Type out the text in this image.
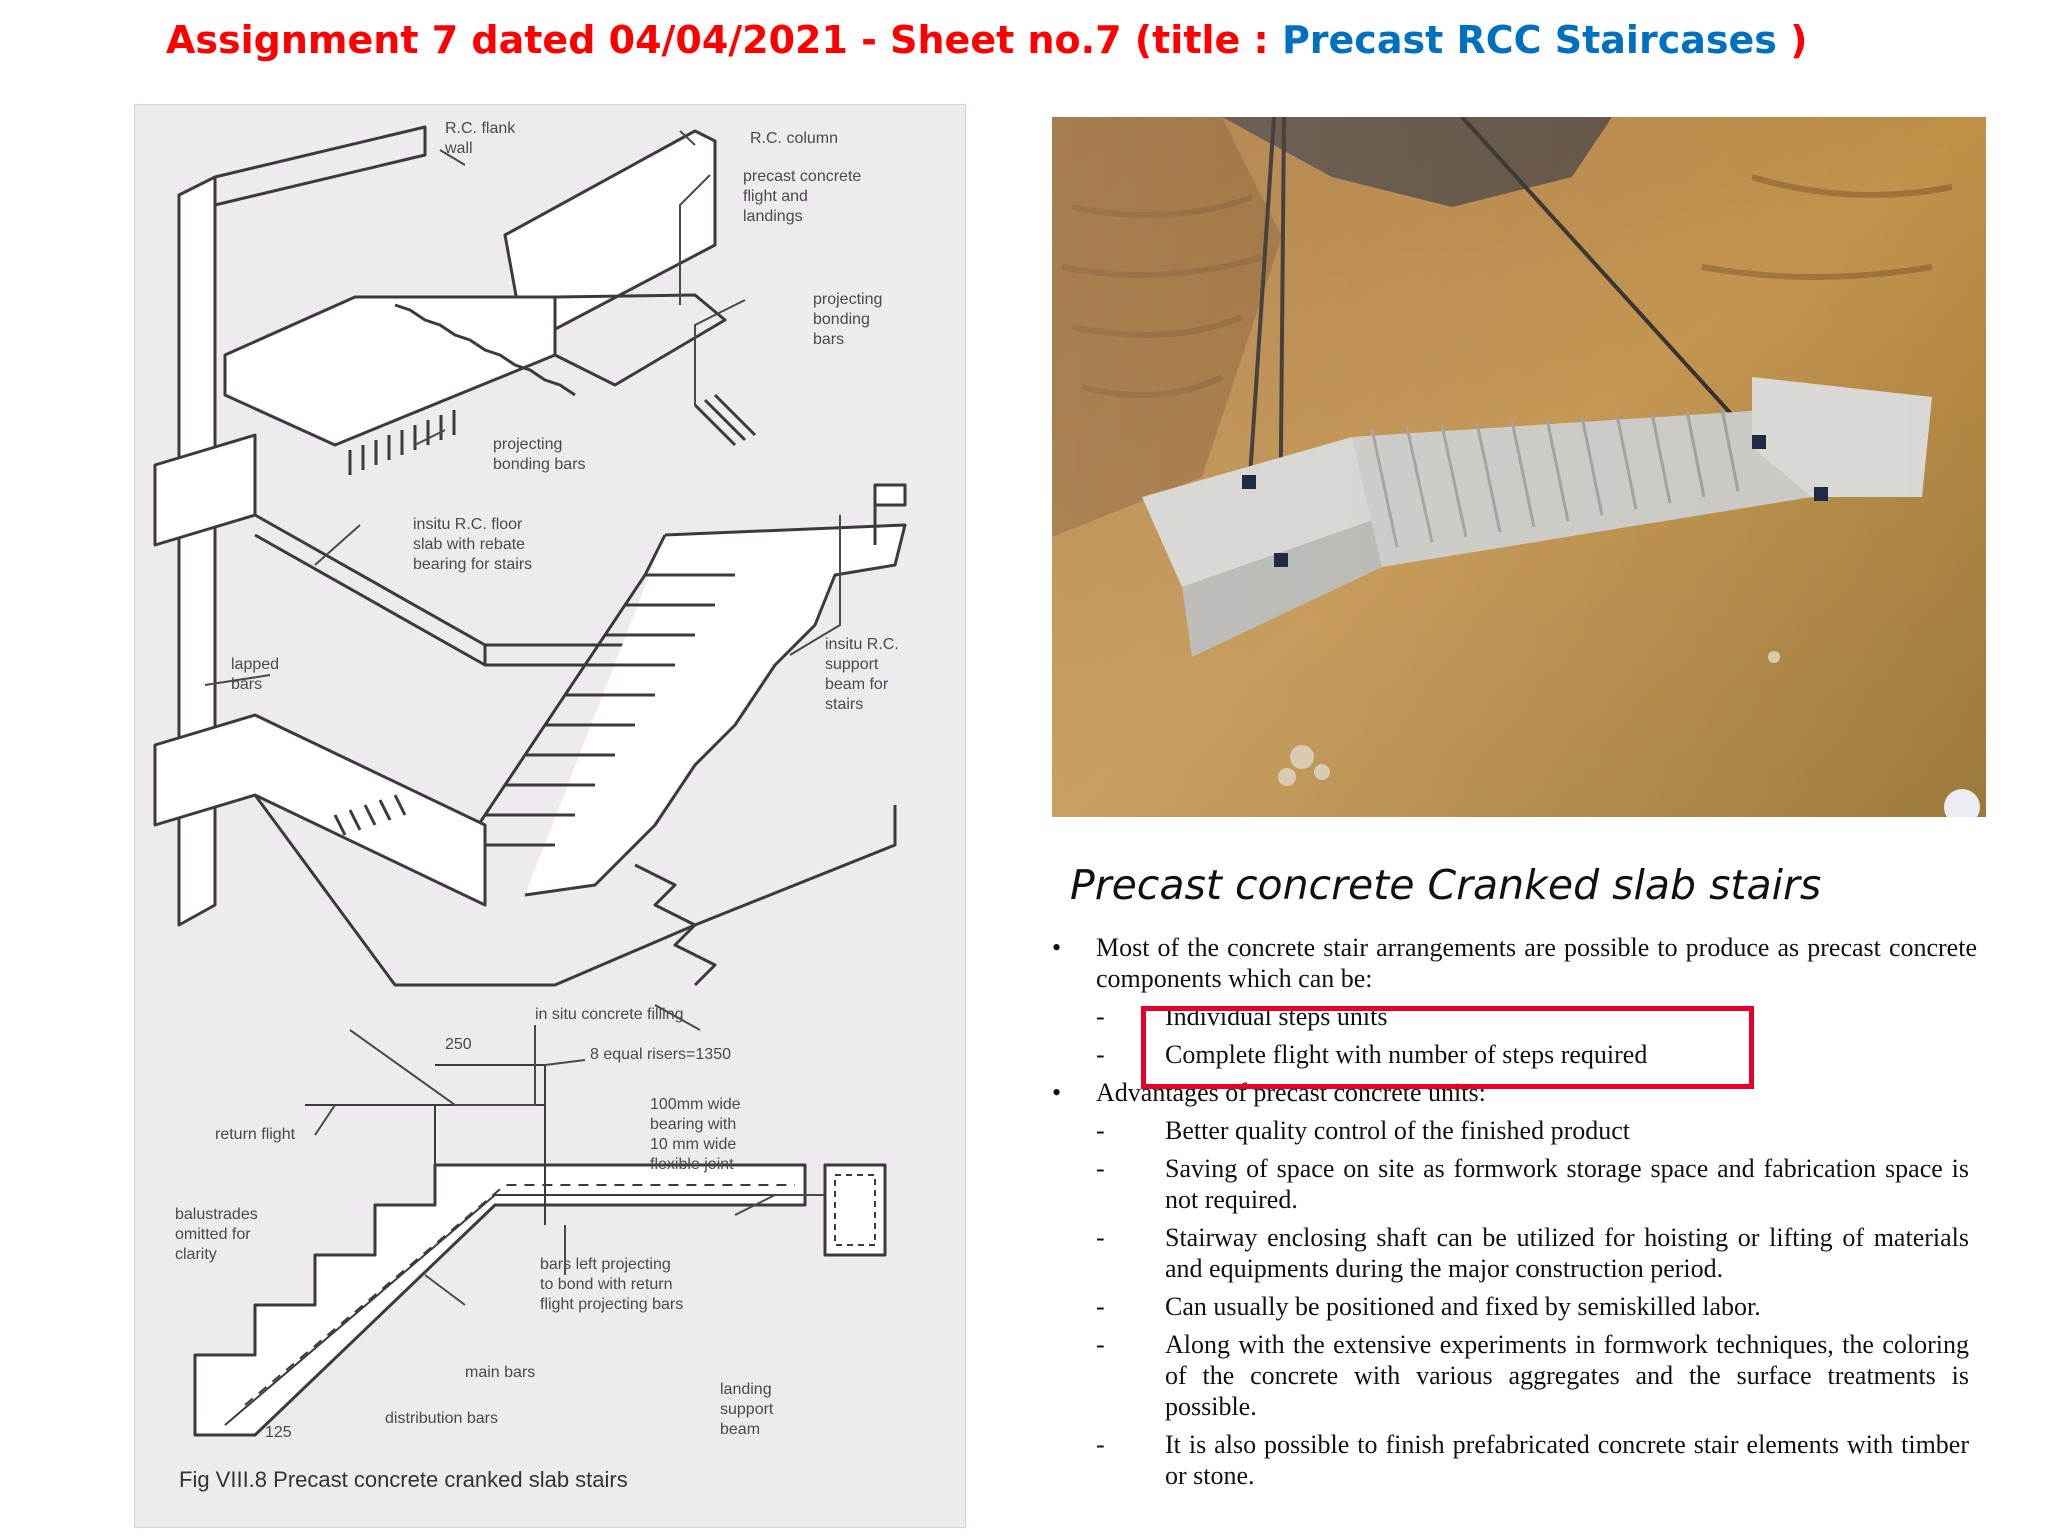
Assignment 7 dated 04/04/2021 - Sheet no.7 (title : Precast RCC Staircases )
R.C. flank
wall
R.C. column
precast concrete
flight and
landings
projecting
bonding
bars
projecting
bonding bars
insitu R.C. floor
slab with rebate
bearing for stairs
lapped
bars
insitu R.C.
support
beam for
stairs
in situ concrete filling
250
8 equal risers=1350
100mm wide
bearing with
10 mm wide
flexible joint
return flight
balustrades
omitted for
clarity
bars left projecting
to bond with return
flight projecting bars
main bars
landing
support
beam
125
distribution bars
Fig VIII.8 Precast concrete cranked slab stairs
Precast concrete Cranked slab stairs
• Most of the concrete stair arrangements are possible to produce as precast concrete components which can be:
- Individual steps units
- Complete flight with number of steps required
• Advantages of precast concrete units:
- Better quality control of the finished product
- Saving of space on site as formwork storage space and fabrication space is not required.
- Stairway enclosing shaft can be utilized for hoisting or lifting of materials and equipments during the major construction period.
- Can usually be positioned and fixed by semiskilled labor.
- Along with the extensive experiments in formwork techniques, the coloring of the concrete with various aggregates and the surface treatments is possible.
- It is also possible to finish prefabricated concrete stair elements with timber or stone.
